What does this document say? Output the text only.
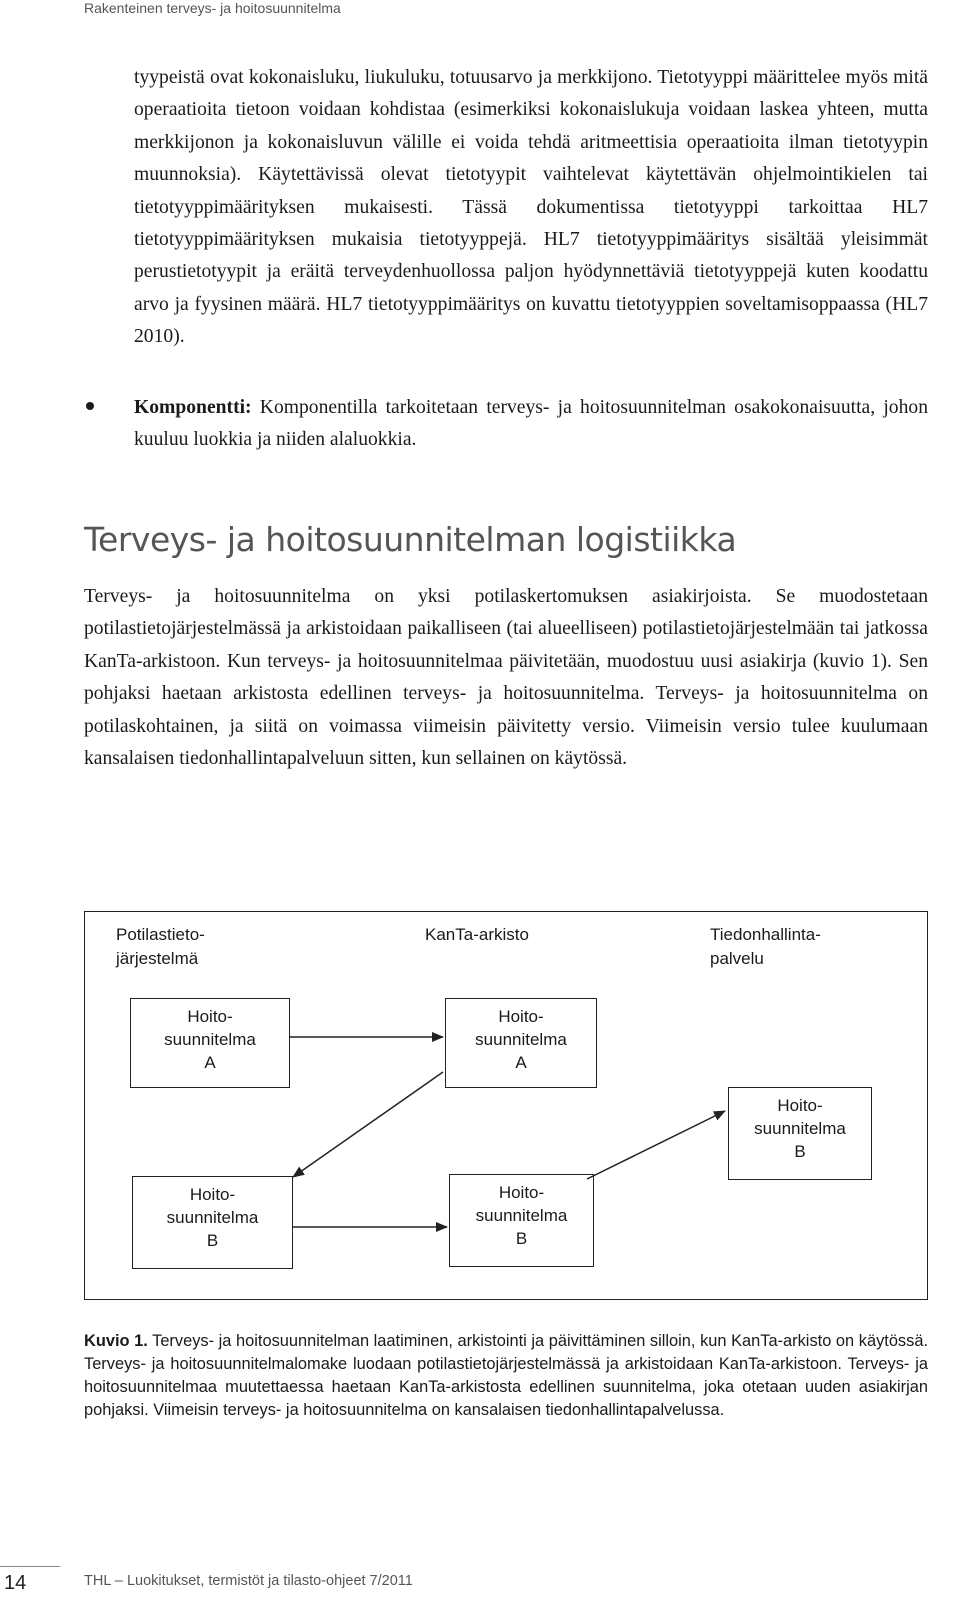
Rakenteinen terveys- ja hoitosuunnitelma

tyypeistä ovat kokonaisluku, liukuluku, totuusarvo ja merkkijono. Tietotyyppi määrittelee myös mitä operaatioita tietoon voidaan kohdistaa (esimerkiksi kokonaislukuja voidaan laskea yhteen, mutta merkkijonon ja kokonaisluvun välille ei voida tehdä aritmeettisia operaatioita ilman tietotyypin muunnoksia). Käytettävissä olevat tietotyypit vaihtelevat käytettävän ohjelmointikielen tai tietotyyppimäärityksen mukaisesti. Tässä dokumentissa tietotyyppi tarkoittaa HL7 tietotyyppimäärityksen mukaisia tietotyyppejä. HL7 tietotyyppimääritys sisältää yleisimmät perustietotyypit ja eräitä terveydenhuollossa paljon hyödynnettäviä tietotyyppejä kuten koodattu arvo ja fyysinen määrä. HL7 tietotyyppimääritys on kuvattu tietotyyppien soveltamisoppaassa (HL7 2010).

Komponentti: Komponentilla tarkoitetaan terveys- ja hoitosuunnitelman osakokonaisuutta, johon kuuluu luokkia ja niiden alaluokkia.

Terveys- ja hoitosuunnitelman logistiikka

Terveys- ja hoitosuunnitelma on yksi potilaskertomuksen asiakirjoista. Se muodostetaan potilastietojärjestelmässä ja arkistoidaan paikalliseen (tai alueelliseen) potilastietojärjestelmään tai jatkossa KanTa-arkistoon. Kun terveys- ja hoitosuunnitelmaa päivitetään, muodostuu uusi asiakirja (kuvio 1). Sen pohjaksi haetaan arkistosta edellinen terveys- ja hoitosuunnitelma. Terveys- ja hoitosuunnitelma on potilaskohtainen, ja siitä on voimassa viimeisin päivitetty versio. Viimeisin versio tulee kuulumaan kansalaisen tiedonhallintapalveluun sitten, kun sellainen on käytössä.

Potilastieto-
järjestelmä
KanTa-arkisto	Tiedonhallinta-
palvelu
Hoito-
suunnitelma
A
Hoito-
suunnitelma
B
Hoito-
suunnitelma
A
Hoito-
suunnitelma
B
Hoito-
suunnitelma
B

Kuvio 1. Terveys- ja hoitosuunnitelman laatiminen, arkistointi ja päivittäminen silloin, kun KanTa-arkisto on käytössä. Terveys- ja hoitosuunnitelmalomake luodaan potilastietojärjestelmässä ja arkistoidaan KanTa-arkistoon. Terveys- ja hoitosuunnitelmaa muutettaessa haetaan KanTa-arkistosta edellinen suunnitelma, joka otetaan uuden asiakirjan pohjaksi. Viimeisin terveys- ja hoitosuunnitelma on kansalaisen tiedonhallintapalvelussa.

14	THL – Luokitukset, termistöt ja tilasto-ohjeet 7/2011
